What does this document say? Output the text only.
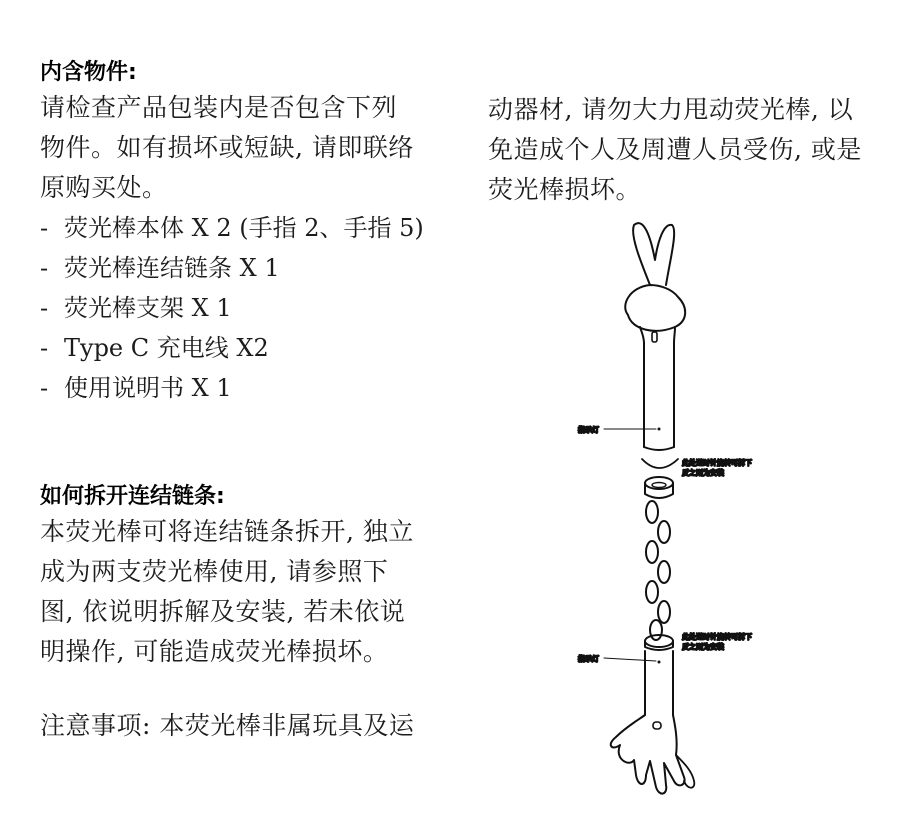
内含物件:

请检查产品包装内是否包含下列物件。如有损坏或短缺, 请即联络原购买处。

- 荧光棒本体 X 2 (手指 2、手指 5)
- 荧光棒连结链条 X 1
- 荧光棒支架 X 1
- Type C 充电线 X2
- 使用说明书 X 1
如何拆开连结链条:

本荧光棒可将连结链条拆开, 独立成为两支荧光棒使用, 请参照下图, 依说明拆解及安装, 若未依说明操作, 可能造成荧光棒损坏。

注意事项: 本荧光棒非属玩具及运

动器材, 请勿大力甩动荧光棒, 以免造成个人及周遭人员受伤, 或是荧光棒损坏。

指示灯
此处逆时针旋转可拆下
反之则为安装
此处逆时针旋转可拆下
反之则为安装
指示灯
